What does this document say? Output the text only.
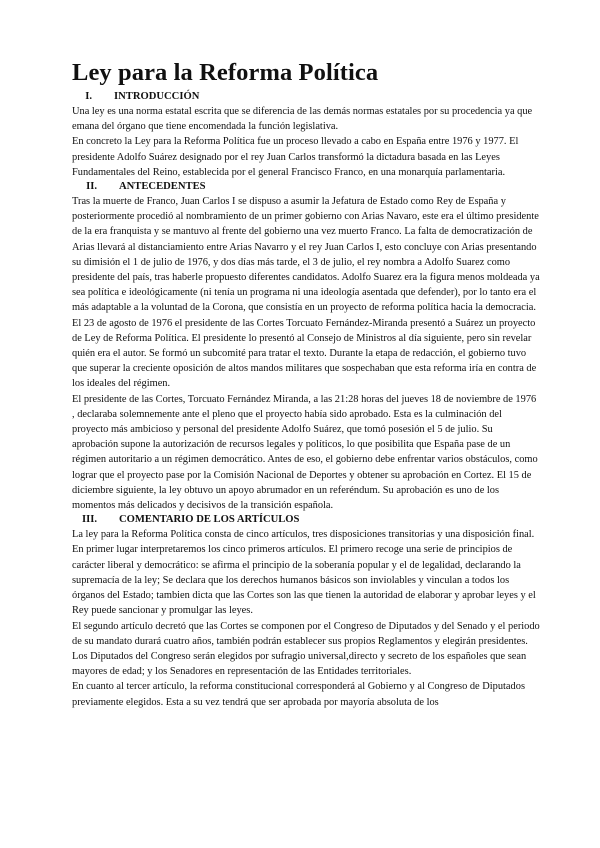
Ley para la Reforma Política
I. INTRODUCCIÓN

Una ley es una norma estatal escrita que se diferencia de las demás normas estatales por su procedencia ya que emana del órgano que tiene encomendada la función legislativa.

En concreto la Ley para la Reforma Política fue un proceso llevado a cabo en España entre 1976 y 1977. El presidente Adolfo Suárez designado por el rey Juan Carlos transformó la dictadura basada en las Leyes Fundamentales del Reino, establecida por el general Francisco Franco, en una monarquía parlamentaria.

II. ANTECEDENTES

Tras la muerte de Franco, Juan Carlos I se dispuso a asumir la Jefatura de Estado como Rey de España y posteriormente procedió al nombramiento de un primer gobierno con Arias Navaro, este era el último presidente de la era franquista y se mantuvo al frente del gobierno una vez muerto Franco. La falta de democratización de Arias llevará al distanciamiento entre Arias Navarro y el rey Juan Carlos I, esto concluye con Arias presentando su dimisión el 1 de julio de 1976, y dos días más tarde, el 3 de julio, el rey nombra a Adolfo Suarez como presidente del país, tras haberle propuesto diferentes candidatos. Adolfo Suarez era la figura menos moldeada ya sea política e ideológicamente (ni tenía un programa ni una ideología asentada que defender), por lo tanto era el más adaptable a la voluntad de la Corona, que consistía en un proyecto de reforma política hacia la democracia.

El 23 de agosto de 1976 el presidente de las Cortes Torcuato Fernández-Miranda presentó a Suárez un proyecto de Ley de Reforma Política. El presidente lo presentó al Consejo de Ministros al día siguiente, pero sin revelar quién era el autor. Se formó un subcomité para tratar el texto. Durante la etapa de redacción, el gobierno tuvo que superar la creciente oposición de altos mandos militares que sospechaban que esta reforma iría en contra de los ideales del régimen.

El presidente de las Cortes, Torcuato Fernández Miranda, a las 21:28 horas del jueves 18 de noviembre de 1976 , declaraba solemnemente ante el pleno que el proyecto había sido aprobado. Esta es la culminación del proyecto más ambicioso y personal del presidente Adolfo Suárez, que tomó posesión el 5 de julio. Su aprobación supone la autorización de recursos legales y políticos, lo que posibilita que España pase de un régimen autoritario a un régimen democrático. Antes de eso, el gobierno debe enfrentar varios obstáculos, como lograr que el proyecto pase por la Comisión Nacional de Deportes y obtener su aprobación en Cortez. El 15 de diciembre siguiente, la ley obtuvo un apoyo abrumador en un referéndum. Su aprobación es uno de los momentos más delicados y decisivos de la transición española.

III. COMENTARIO DE LOS ARTÍCULOS

La ley para la Reforma Política consta de cinco artículos, tres disposiciones transitorias y una disposición final.

En primer lugar interpretaremos los cinco primeros artículos. El primero recoge una serie de principios de carácter liberal y democrático: se afirma el principio de la soberanía popular y el de legalidad, declarando la supremacía de la ley; Se declara que los derechos humanos básicos son inviolables y vinculan a todos los órganos del Estado; tambien dicta que las Cortes son las que tienen la autoridad de elaborar y aprobar leyes y el Rey puede sancionar y promulgar las leyes.

El segundo artículo decretó que las Cortes se componen por el Congreso de Diputados y del Senado y el periodo de su mandato durará cuatro años, también podrán establecer sus propios Reglamentos y elegirán presidentes. Los Diputados del Congreso serán elegidos por sufragio universal,directo y secreto de los españoles que sean mayores de edad; y los Senadores en representación de las Entidades territoriales.

En cuanto al tercer artículo, la reforma constitucional corresponderá al Gobierno y al Congreso de Diputados previamente elegidos. Esta a su vez tendrá que ser aprobada por mayoría absoluta de los
